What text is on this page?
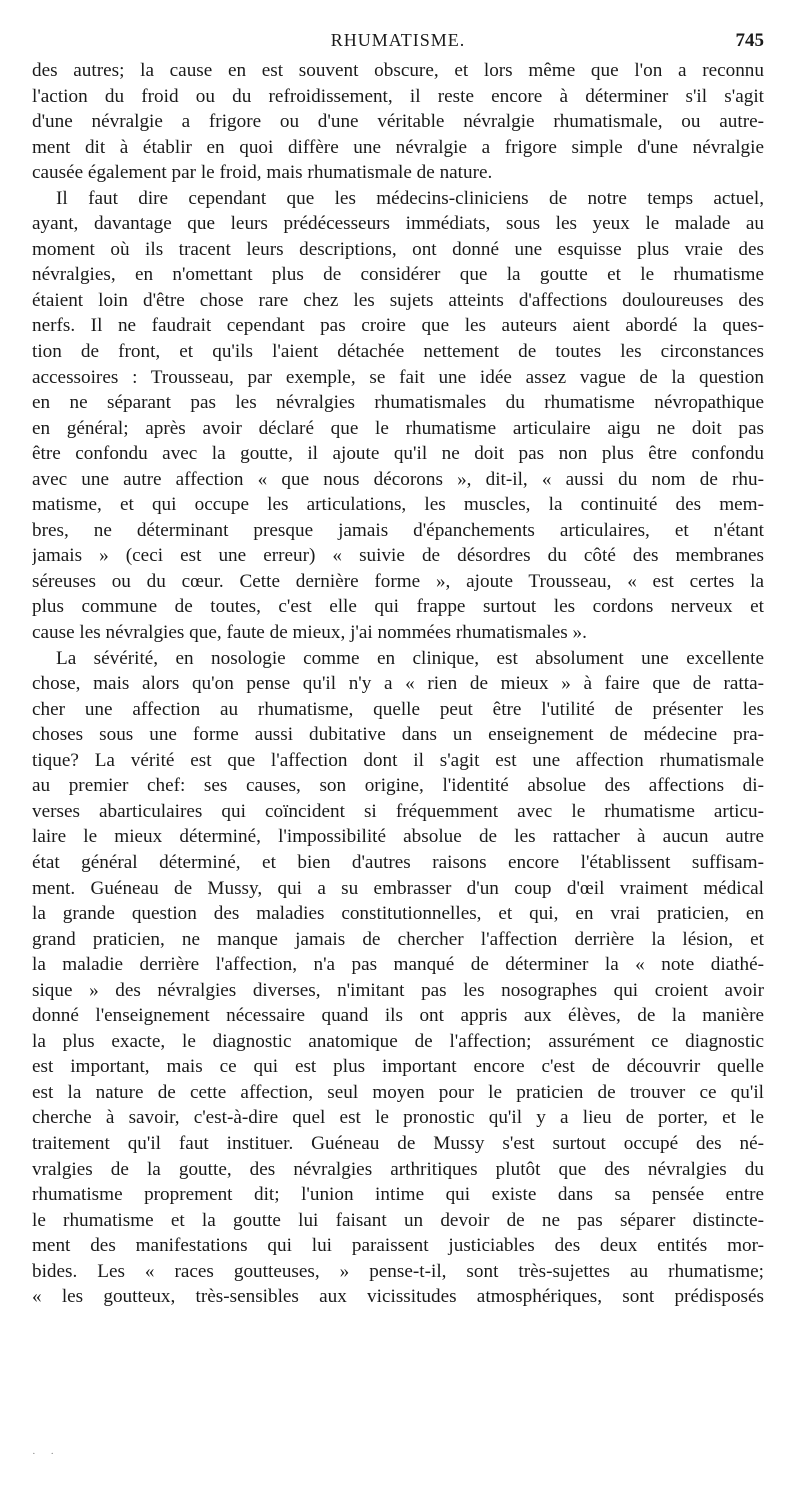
RHUMATISME.	745
des autres; la cause en est souvent obscure, et lors même que l'on a reconnu
l'action du froid ou du refroidissement, il reste encore à déterminer s'il s'agit
d'une névralgie a frigore ou d'une véritable névralgie rhumatismale, ou autre-
ment dit à établir en quoi diffère une névralgie a frigore simple d'une névralgie
causée également par le froid, mais rhumatismale de nature.
Il faut dire cependant que les médecins-cliniciens de notre temps actuel,
ayant, davantage que leurs prédécesseurs immédiats, sous les yeux le malade au
moment où ils tracent leurs descriptions, ont donné une esquisse plus vraie des
névralgies, en n'omettant plus de considérer que la goutte et le rhumatisme
étaient loin d'être chose rare chez les sujets atteints d'affections douloureuses des
nerfs. Il ne faudrait cependant pas croire que les auteurs aient abordé la ques-
tion de front, et qu'ils l'aient détachée nettement de toutes les circonstances
accessoires : Trousseau, par exemple, se fait une idée assez vague de la question
en ne séparant pas les névralgies rhumatismales du rhumatisme névropathique
en général; après avoir déclaré que le rhumatisme articulaire aigu ne doit pas
être confondu avec la goutte, il ajoute qu'il ne doit pas non plus être confondu
avec une autre affection « que nous décorons », dit-il, « aussi du nom de rhu-
matisme, et qui occupe les articulations, les muscles, la continuité des mem-
bres, ne déterminant presque jamais d'épanchements articulaires, et n'étant
jamais » (ceci est une erreur) « suivie de désordres du côté des membranes
séreuses ou du cœur. Cette dernière forme », ajoute Trousseau, « est certes la
plus commune de toutes, c'est elle qui frappe surtout les cordons nerveux et
cause les névralgies que, faute de mieux, j'ai nommées rhumatismales ».
La sévérité, en nosologie comme en clinique, est absolument une excellente
chose, mais alors qu'on pense qu'il n'y a « rien de mieux » à faire que de ratta-
cher une affection au rhumatisme, quelle peut être l'utilité de présenter les
choses sous une forme aussi dubitative dans un enseignement de médecine pra-
tique? La vérité est que l'affection dont il s'agit est une affection rhumatismale
au premier chef: ses causes, son origine, l'identité absolue des affections di-
verses abarticulaires qui coïncident si fréquemment avec le rhumatisme articu-
laire le mieux déterminé, l'impossibilité absolue de les rattacher à aucun autre
état général déterminé, et bien d'autres raisons encore l'établissent suffisam-
ment. Guéneau de Mussy, qui a su embrasser d'un coup d'œil vraiment médical
la grande question des maladies constitutionnelles, et qui, en vrai praticien, en
grand praticien, ne manque jamais de chercher l'affection derrière la lésion, et
la maladie derrière l'affection, n'a pas manqué de déterminer la « note diathé-
sique » des névralgies diverses, n'imitant pas les nosographes qui croient avoir
donné l'enseignement nécessaire quand ils ont appris aux élèves, de la manière
la plus exacte, le diagnostic anatomique de l'affection; assurément ce diagnostic
est important, mais ce qui est plus important encore c'est de découvrir quelle
est la nature de cette affection, seul moyen pour le praticien de trouver ce qu'il
cherche à savoir, c'est-à-dire quel est le pronostic qu'il y a lieu de porter, et le
traitement qu'il faut instituer. Guéneau de Mussy s'est surtout occupé des né-
vralgies de la goutte, des névralgies arthritiques plutôt que des névralgies du
rhumatisme proprement dit; l'union intime qui existe dans sa pensée entre
le rhumatisme et la goutte lui faisant un devoir de ne pas séparer distincte-
ment des manifestations qui lui paraissent justiciables des deux entités mor-
bides. Les « races goutteuses, » pense-t-il, sont très-sujettes au rhumatisme;
« les goutteux, très-sensibles aux vicissitudes atmosphériques, sont prédisposés
· ·
